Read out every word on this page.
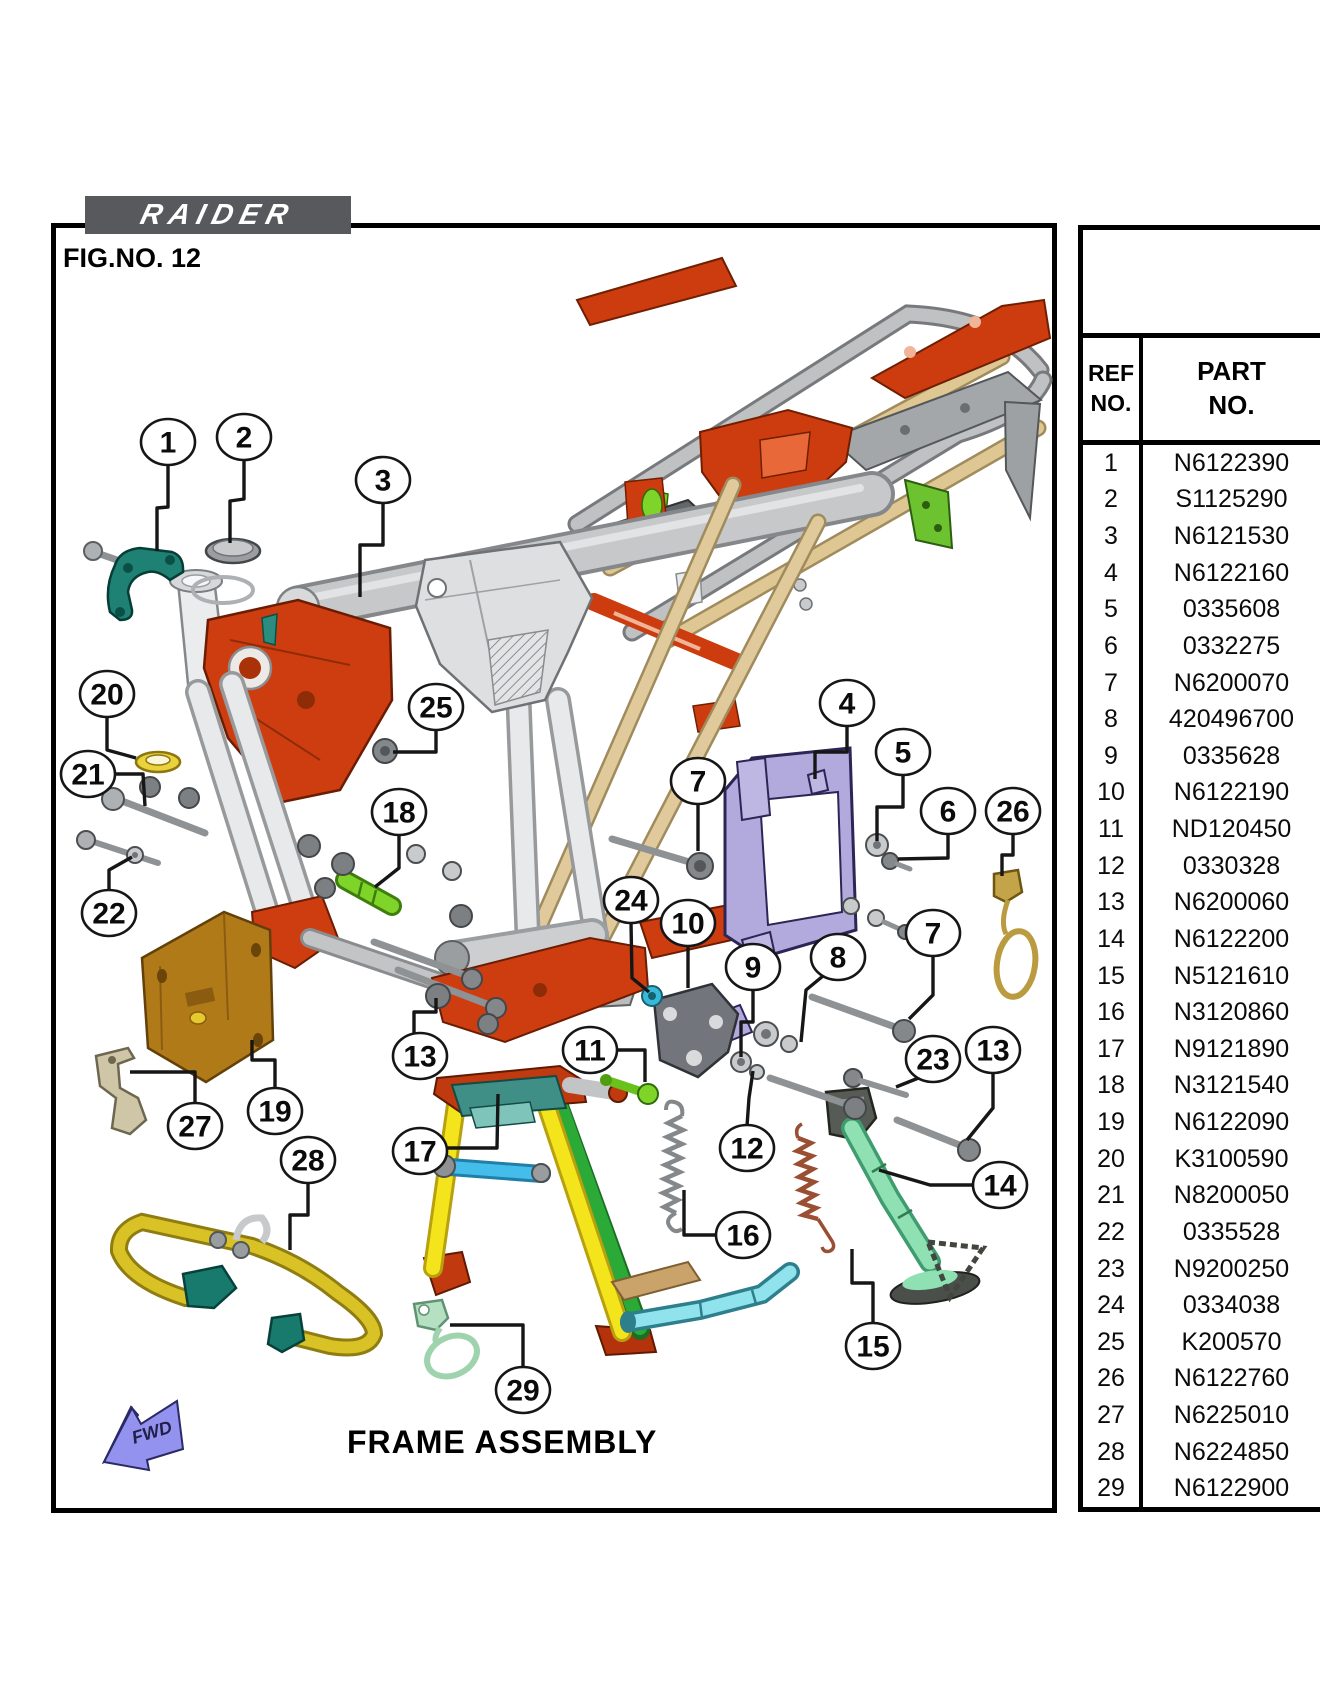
FWD
1 2
3
4
5
6
7
7
8
9
10
11
12
13	13
14
15
16
17
18
19
20
21
22
23
24
25
26
27
28
29
RAIDER
FIG.NO. 12
FRAME ASSEMBLY
REF
NO.
PART
NO.
1	N6122390
2	S1125290
3	N6121530
4	N6122160
5	0335608
6	0332275
7	N6200070
8	420496700
9	0335628
10	N6122190
11	ND120450
12	0330328
13	N6200060
14	N6122200
15	N5121610
16	N3120860
17	N9121890
18	N3121540
19	N6122090
20	K3100590
21	N8200050
22	0335528
23	N9200250
24	0334038
25	K200570
26	N6122760
27	N6225010
28	N6224850
29	N6122900
